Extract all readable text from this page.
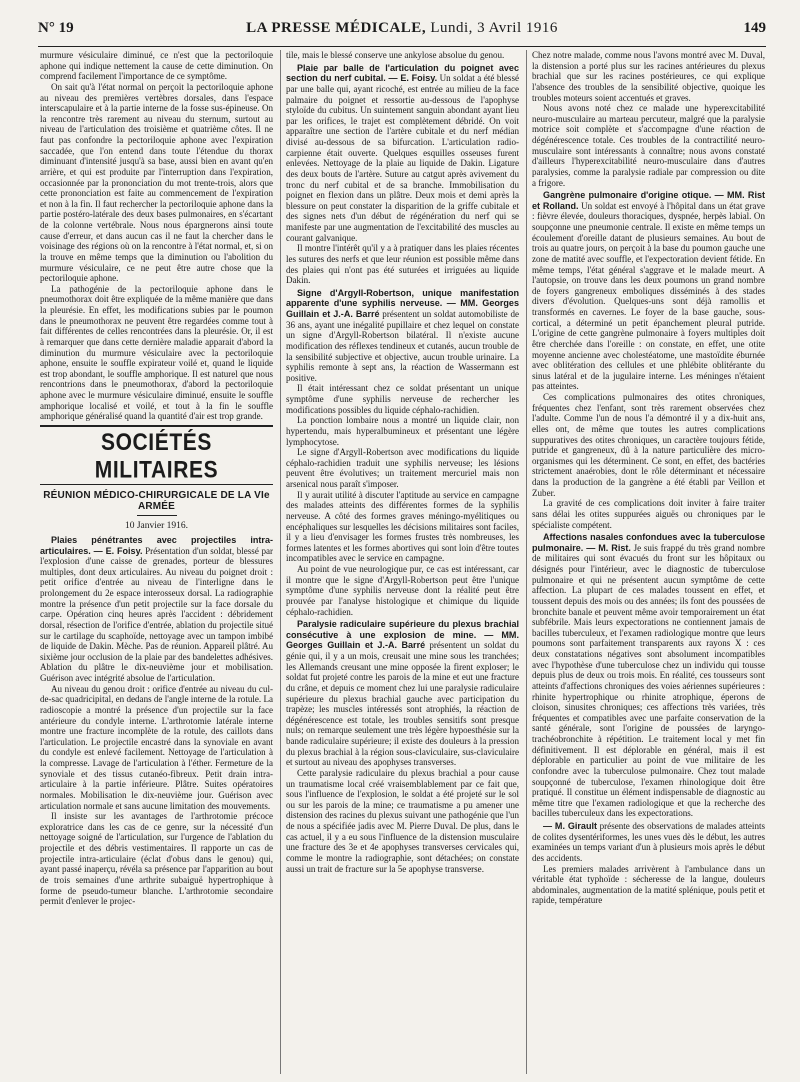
N° 19	LA PRESSE MÉDICALE, Lundi, 3 Avril 1916	149

murmure vésiculaire diminué, ce n'est que la pectoriloquie aphone qui indique nettement la cause de cette diminution. On comprend facilement l'importance de ce symptôme.

On sait qu'à l'état normal on perçoit la pectoriloquie aphone au niveau des premières vertèbres dorsales, dans l'espace interscapulaire et à la partie interne de la fosse sus-épineuse. On la rencontre très rarement au niveau du sternum, surtout au niveau de l'articulation des troisième et quatrième côtes. Il ne faut pas confondre la pectoriloquie aphone avec l'expiration saccadée, que l'on entend dans toute l'étendue du thorax diminuant d'intensité jusqu'à sa base, aussi bien en avant qu'en arrière, et qui est produite par l'interruption dans l'expiration, occasionnée par la prononciation du mot trente-trois, alors que cette prononciation est faite au commencement de l'expiration et non à la fin. Il faut rechercher la pectoriloquie aphone dans la partie postéro-latérale des deux bases pulmonaires, en s'écartant de la colonne vertébrale. Nous nous épargnerons ainsi toute cause d'erreur, et dans aucun cas il ne faut la chercher dans le voisinage des régions où on la rencontre à l'état normal, et, si on la trouve en même temps que la diminution ou l'abolition du murmure vésiculaire, ce ne peut être autre chose que la pectoriloquie aphone.

La pathogénie de la pectoriloquie aphone dans le pneumothorax doit être expliquée de la même manière que dans la pleurésie. En effet, les modifications subies par le poumon dans le pneumothorax ne peuvent être regardées comme tout à fait différentes de celles rencontrées dans la pleurésie. Or, il est à remarquer que dans cette dernière maladie apparait d'abord la diminution du murmure vésiculaire avec la pectoriloquie aphone, ensuite le souffle expirateur voilé et, quand le liquide est trop abondant, le souffle amphorique. Il est naturel que nous rencontrions dans le pneumothorax, d'abord la pectoriloquie aphone avec le murmure vésiculaire diminué, ensuite le souffle amphorique localisé et voilé, et tout à la fin le souffle amphorique généralisé quand la quantité d'air est trop grande.

SOCIÉTÉS MILITAIRES
RÉUNION MÉDICO-CHIRURGICALE DE LA VIe ARMÉE
10 Janvier 1916.

Plaies pénétrantes avec projectiles intra-articulaires. — E. Foisy. Présentation d'un soldat, blessé par l'explosion d'une caisse de grenades, porteur de blessures multiples, dont deux articulaires. Au niveau du poignet droit : petit orifice d'entrée au niveau de l'interligne dans le prolongement du 2e espace interosseux dorsal. La radiographie montre la présence d'un petit projectile sur la face dorsale du carpe. Opération cinq heures après l'accident : débridement dorsal, résection de l'orifice d'entrée, ablation du projectile situé sur le cartilage du scaphoïde, nettoyage avec un tampon imbibé de liquide de Dakin. Mèche. Pas de réunion. Appareil plâtré. Au sixième jour occlusion de la plaie par des bandelettes adhésives. Ablation du plâtre le dix-neuvième jour et mobilisation. Guérison avec intégrité absolue de l'articulation.

Au niveau du genou droit : orifice d'entrée au niveau du cul-de-sac quadricipital, en dedans de l'angle interne de la rotule. La radioscopie a montré la présence d'un projectile sur la face antérieure du condyle interne. L'arthrotomie latérale interne montre une fracture incomplète de la rotule, des caillots dans l'articulation. Le projectile encastré dans la synoviale en avant du condyle est enlevé facilement. Nettoyage de l'articulation à la compresse. Lavage de l'articulation à l'éther. Fermeture de la synoviale et des tissus cutanéo-fibreux. Petit drain intra-articulaire à la partie inférieure. Plâtre. Suites opératoires normales. Mobilisation le dix-neuvième jour. Guérison avec articulation normale et sans aucune limitation des mouvements.

Il insiste sur les avantages de l'arthrotomie précoce exploratrice dans les cas de ce genre, sur la nécessité d'un nettoyage soigné de l'articulation, sur l'urgence de l'ablation du projectile et des débris vestimentaires. Il rapporte un cas de projectile intra-articulaire (éclat d'obus dans le genou) qui, ayant passé inaperçu, révéla sa présence par l'apparition au bout de trois semaines d'une arthrite subaiguë hypertrophique à forme de pseudo-tumeur blanche. L'arthrotomie secondaire permit d'enlever le projec-

tile, mais le blessé conserve une ankylose absolue du genou.

Plaie par balle de l'articulation du poignet avec section du nerf cubital. — E. Foisy. Un soldat a été blessé par une balle qui, ayant ricoché, est entrée au milieu de la face palmaire du poignet et ressortie au-dessous de l'apophyse styloïde du cubitus. Un suintement sanguin abondant ayant lieu par les orifices, le trajet est complètement débridé. On voit apparaître une section de l'artère cubitale et du nerf médian divisé au-dessous de sa bifurcation. L'articulation radio-carpienne était ouverte. Quelques esquilles osseuses furent enlevées. Nettoyage de la plaie au liquide de Dakin. Ligature des deux bouts de l'artère. Suture au catgut après avivement du tronc du nerf cubital et de sa branche. Immobilisation du poignet en flexion dans un plâtre. Deux mois et demi après la blessure on peut constater la disparition de la griffe cubitale et des signes nets d'un début de régénération du nerf qui se manifeste par une augmentation de l'excitabilité des muscles au courant galvanique.

Il montre l'intérêt qu'il y a à pratiquer dans les plaies récentes les sutures des nerfs et que leur réunion est possible même dans des plaies qui n'ont pas été suturées et irriguées au liquide Dakin.

Signe d'Argyll-Robertson, unique manifestation apparente d'une syphilis nerveuse. — MM. Georges Guillain et J.-A. Barré présentent un soldat automobiliste de 36 ans, ayant une inégalité pupillaire et chez lequel on constate un signe d'Argyll-Robertson bilatéral. Il n'existe aucune modification des réflexes tendineux et cutanés, aucun trouble de la sensibilité subjective et objective, aucun trouble urinaire. La syphilis remonte à sept ans, la réaction de Wassermann est positive.

Il était intéressant chez ce soldat présentant un unique symptôme d'une syphilis nerveuse de rechercher les modifications possibles du liquide céphalo-rachidien.

La ponction lombaire nous a montré un liquide clair, non hypertendu, mais hyperalbumineux et présentant une légère lymphocytose.

Le signe d'Argyll-Robertson avec modifications du liquide céphalo-rachidien traduit une syphilis nerveuse; les lésions peuvent être évolutives; un traitement mercuriel mais non arsenical nous paraît s'imposer.

Il y aurait utilité à discuter l'aptitude au service en campagne des malades atteints des différentes formes de la syphilis nerveuse. A côté des formes graves méningo-myélitiques ou encéphaliques sur lesquelles les décisions militaires sont faciles, il y a lieu d'envisager les formes frustes très nombreuses, les formes latentes et les formes abortives qui sont loin d'être toutes incompatibles avec le service en campagne.

Au point de vue neurologique pur, ce cas est intéressant, car il montre que le signe d'Argyll-Robertson peut être l'unique symptôme d'une syphilis nerveuse dont la réalité peut être prouvée par l'analyse histologique et chimique du liquide céphalo-rachidien.

Paralysie radiculaire supérieure du plexus brachial consécutive à une explosion de mine. — MM. Georges Guillain et J.-A. Barré présentent un soldat du génie qui, il y a un mois, creusait une mine sous les tranchées; les Allemands creusant une mine opposée la firent exploser; le soldat fut projeté contre les parois de la mine et eut une fracture du crâne, et depuis ce moment chez lui une paralysie radiculaire supérieure du plexus brachial gauche avec participation du trapèze; les muscles intéressés sont atrophiés, la réaction de dégénérescence est totale, les troubles sensitifs sont presque nuls; on remarque seulement une très légère hypoesthésie sur la bande radiculaire supérieure; il existe des douleurs à la pression du plexus brachial à la région sous-claviculaire, sus-claviculaire et surtout au niveau des apophyses transverses.

Cette paralysie radiculaire du plexus brachial a pour cause un traumatisme local créé vraisemblablement par ce fait que, sous l'influence de l'explosion, le soldat a été projeté sur le sol ou sur les parois de la mine; ce traumatisme a pu amener une distension des racines du plexus suivant une pathogénie que l'un de nous a spécifiée jadis avec M. Pierre Duval. De plus, dans le cas actuel, il y a eu sous l'influence de la distension musculaire une fracture des 3e et 4e apophyses transverses cervicales qui, comme le montre la radiographie, sont détachées; on constate aussi un trait de fracture sur la 5e apophyse transverse.

Chez notre malade, comme nous l'avons montré avec M. Duval, la distension a porté plus sur les racines antérieures du plexus brachial que sur les racines postérieures, ce qui explique l'absence des troubles de la sensibilité objective, quoique les troubles moteurs soient accentués et graves.

Nous avons noté chez ce malade une hyperexcitabilité neuro-musculaire au marteau percuteur, malgré que la paralysie motrice soit complète et s'accompagne d'une réaction de dégénérescence totale. Ces troubles de la contractilité neuro-musculaire sont intéressants à connaître; nous avons constaté d'ailleurs l'hyperexcitabilité neuro-musculaire dans d'autres paralysies, comme la paralysie radiale par compression ou dite a frigore.

Gangrène pulmonaire d'origine otique. — MM. Rist et Rolland. Un soldat est envoyé à l'hôpital dans un état grave : fièvre élevée, douleurs thoraciques, dyspnée, herpès labial. On soupçonne une pneumonie centrale. Il existe en même temps un écoulement d'oreille datant de plusieurs semaines. Au bout de trois au quatre jours, on perçoit à la base du poumon gauche une zone de matité avec souffle, et l'expectoration devient fétide. En même temps, l'état général s'aggrave et le malade meurt. A l'autopsie, on trouve dans les deux poumons un grand nombre de foyers gangreneux emboliques disséminés à des stades divers d'évolution. Quelques-uns sont déjà ramollis et transformés en cavernes. Le foyer de la base gauche, sous-cortical, a déterminé un petit épanchement pleural putride. L'origine de cette gangrène pulmonaire à foyers multiples doit être cherchée dans l'oreille : on constate, en effet, une otite moyenne ancienne avec cholestéatome, une mastoïdite éburnée avec oblitération des cellules et une phlébite oblitérante du sinus latéral et de la jugulaire interne. Les méninges n'étaient pas atteintes.

Ces complications pulmonaires des otites chroniques, fréquentes chez l'enfant, sont très rarement observées chez l'adulte. Comme l'un de nous l'a démontré il y a dix-huit ans, elles ont, de même que toutes les autres complications suppuratives des otites chroniques, un caractère toujours fétide, putride et gangreneux, dû à la nature particulière des micro-organismes qui les déterminent. Ce sont, en effet, des bactéries strictement anaérobies, dont le rôle déterminant et nécessaire dans la production de la gangrène a été établi par Veillon et Zuber.

La gravité de ces complications doit inviter à faire traiter sans délai les otites suppurées aiguës ou chroniques par le spécialiste compétent.

Affections nasales confondues avec la tuberculose pulmonaire. — M. Rist. Je suis frappé du très grand nombre de militaires qui sont évacués du front sur les hôpitaux ou désignés pour l'intérieur, avec le diagnostic de tuberculose pulmonaire et qui ne présentent aucun symptôme de cette affection. La plupart de ces malades toussent en effet, et toussent depuis des mois ou des années; ils font des poussées de bronchite banale et peuvent même avoir temporairement un état subfébrile. Mais leurs expectorations ne contiennent jamais de bacilles tuberculeux, et l'examen radiologique montre que leurs poumons sont parfaitement transparents aux rayons X : ces deux constatations négatives sont absolument incompatibles avec l'hypothèse d'une tuberculose chez un individu qui tousse depuis plus de deux ou trois mois. En réalité, ces tousseurs sont atteints d'affections chroniques des voies aériennes supérieures : rhinite hypertrophique ou rhinite atrophique, éperons de cloison, sinusites chroniques; ces affections très variées, très fréquentes et compatibles avec une parfaite conservation de la santé générale, sont l'origine de poussées de laryngo-trachéobronchite à répétition. Le traitement local y met fin définitivement. Il est déplorable en général, mais il est déplorable en particulier au point de vue militaire de les confondre avec la tuberculose pulmonaire. Chez tout malade soupçonné de tuberculose, l'examen rhinologique doit être pratiqué. Il constitue un élément indispensable de diagnostic au même titre que l'examen radiologique et que la recherche des bacilles tuberculeux dans les expectorations.

— M. Girault présente des observations de malades atteints de colites dysentériformes, les unes vues dès le début, les autres examinées un temps variant d'un à plusieurs mois après le début des accidents.

Les premiers malades arrivèrent à l'ambulance dans un véritable état typhoïde : sécheresse de la langue, douleurs abdominales, augmentation de la matité splénique, pouls petit et rapide, température
